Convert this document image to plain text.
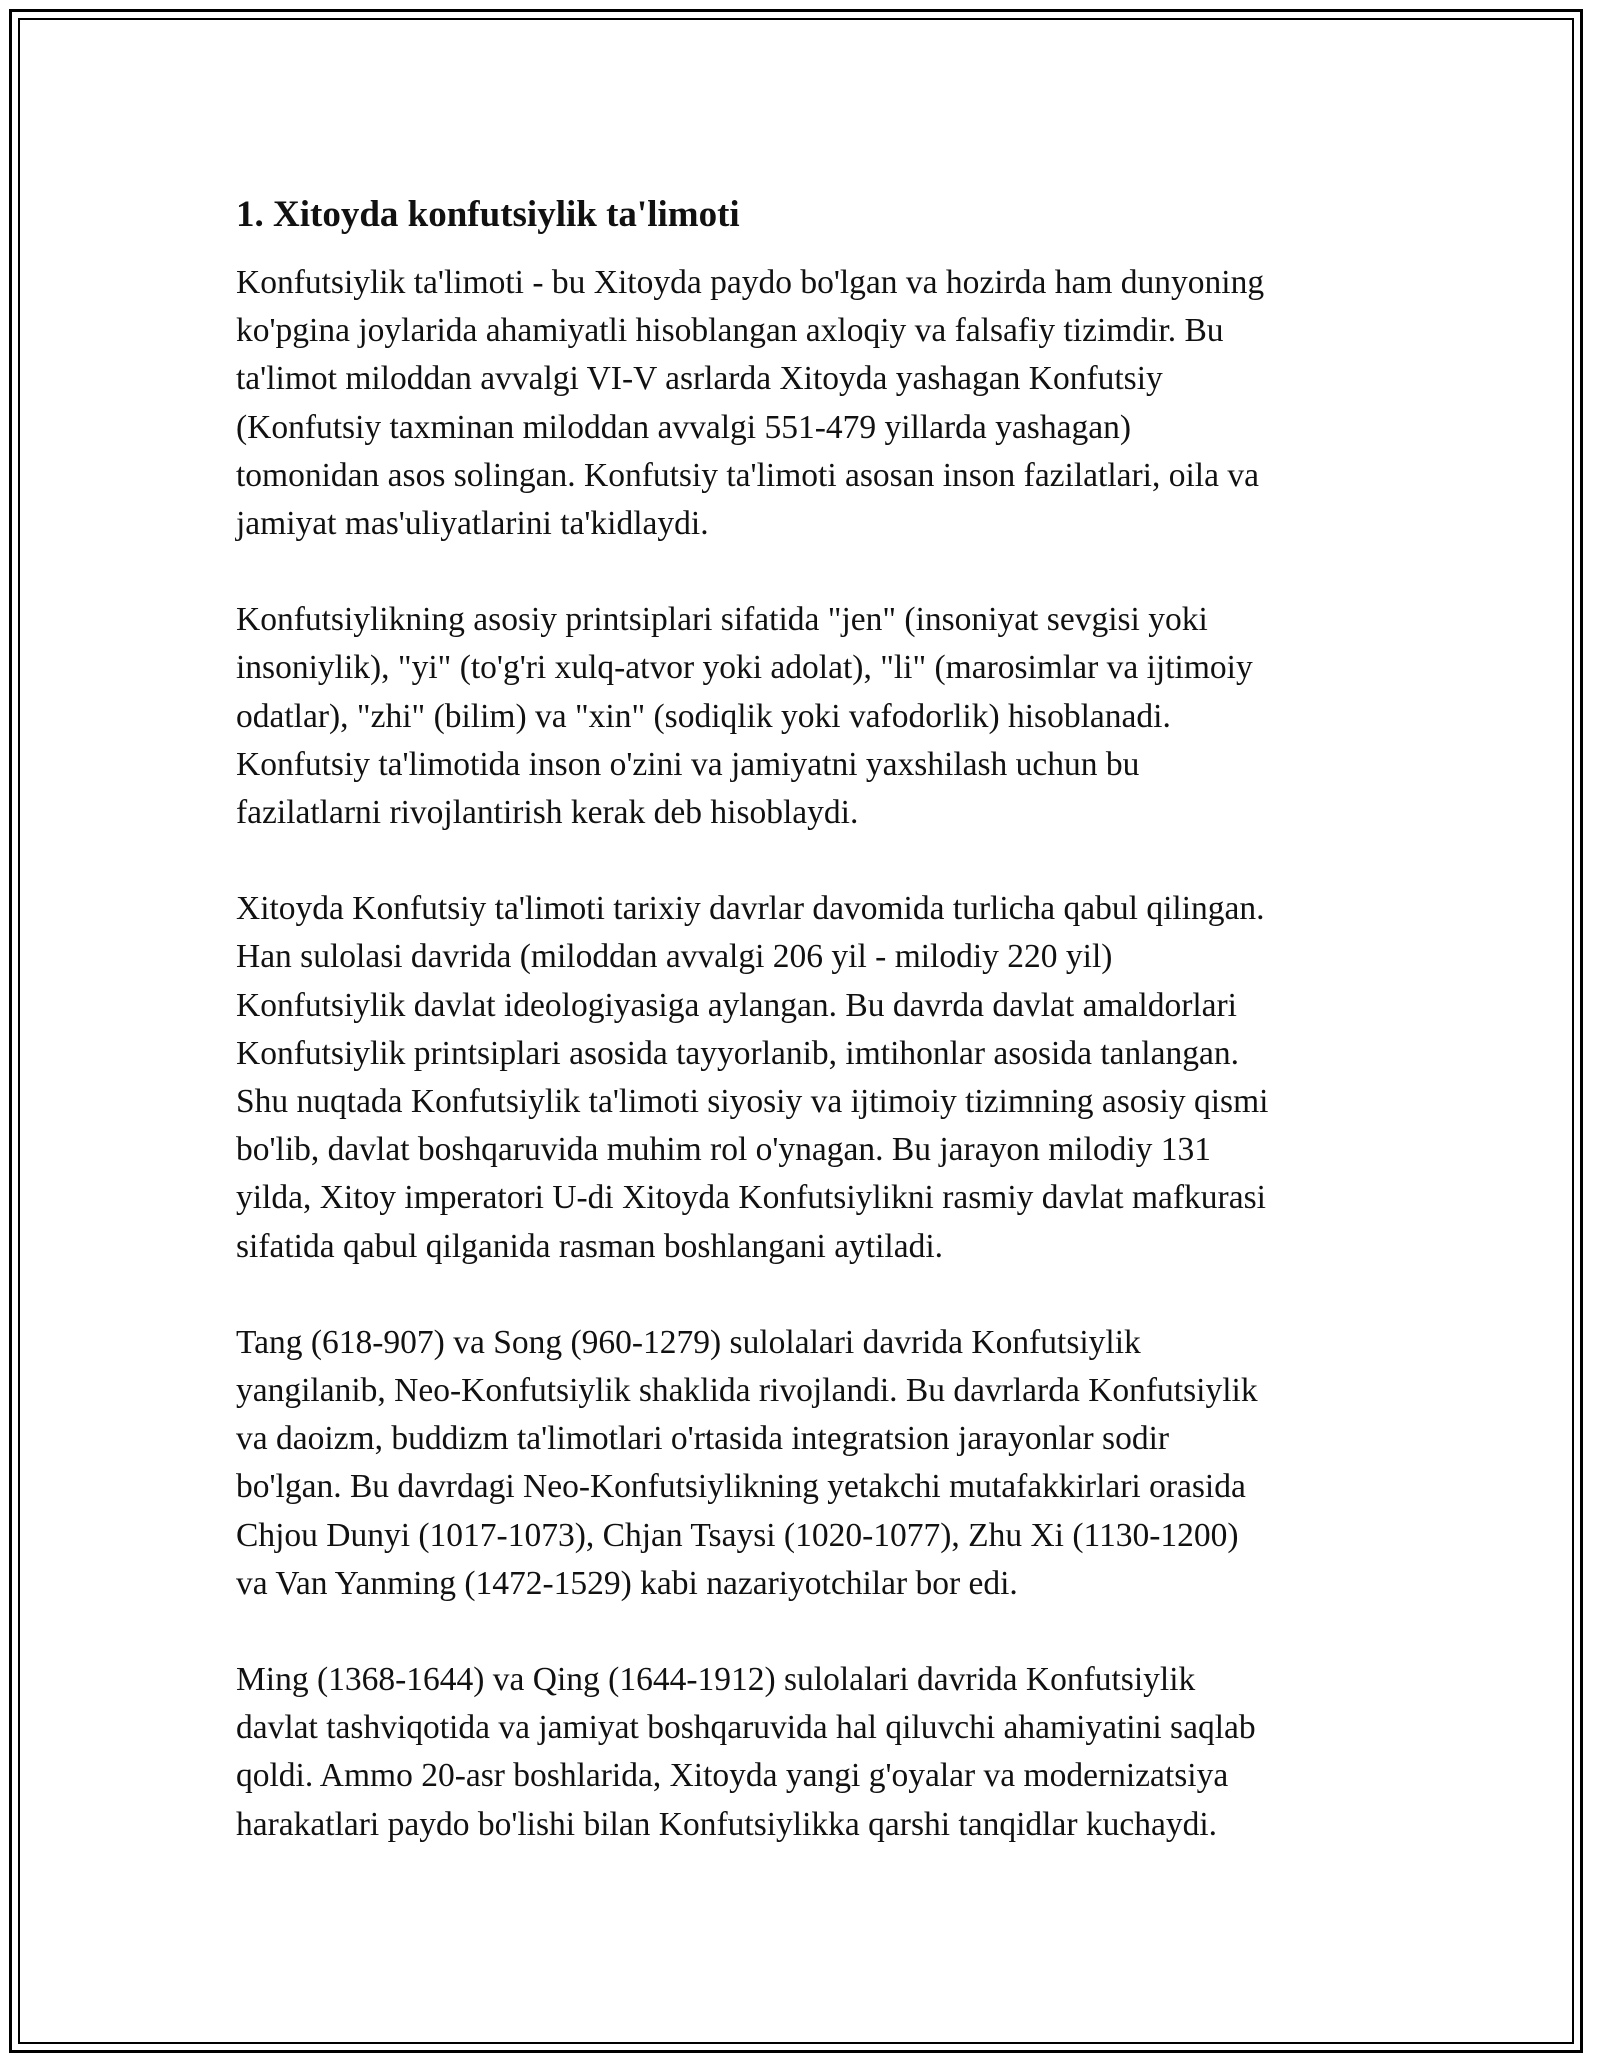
1. Xitoyda konfutsiylik ta'limoti

Konfutsiylik ta'limoti - bu Xitoyda paydo bo'lgan va hozirda ham dunyoning
ko'pgina joylarida ahamiyatli hisoblangan axloqiy va falsafiy tizimdir. Bu
ta'limot miloddan avvalgi VI-V asrlarda Xitoyda yashagan Konfutsiy
(Konfutsiy taxminan miloddan avvalgi 551-479 yillarda yashagan)
tomonidan asos solingan. Konfutsiy ta'limoti asosan inson fazilatlari, oila va
jamiyat mas'uliyatlarini ta'kidlaydi.

Konfutsiylikning asosiy printsiplari sifatida "jen" (insoniyat sevgisi yoki
insoniylik), "yi" (to'g'ri xulq-atvor yoki adolat), "li" (marosimlar va ijtimoiy
odatlar), "zhi" (bilim) va "xin" (sodiqlik yoki vafodorlik) hisoblanadi.
Konfutsiy ta'limotida inson o'zini va jamiyatni yaxshilash uchun bu
fazilatlarni rivojlantirish kerak deb hisoblaydi.

Xitoyda Konfutsiy ta'limoti tarixiy davrlar davomida turlicha qabul qilingan.
Han sulolasi davrida (miloddan avvalgi 206 yil - milodiy 220 yil)
Konfutsiylik davlat ideologiyasiga aylangan. Bu davrda davlat amaldorlari
Konfutsiylik printsiplari asosida tayyorlanib, imtihonlar asosida tanlangan.
Shu nuqtada Konfutsiylik ta'limoti siyosiy va ijtimoiy tizimning asosiy qismi
bo'lib, davlat boshqaruvida muhim rol o'ynagan. Bu jarayon milodiy 131
yilda, Xitoy imperatori U-di Xitoyda Konfutsiylikni rasmiy davlat mafkurasi
sifatida qabul qilganida rasman boshlangani aytiladi.

Tang (618-907) va Song (960-1279) sulolalari davrida Konfutsiylik
yangilanib, Neo-Konfutsiylik shaklida rivojlandi. Bu davrlarda Konfutsiylik
va daoizm, buddizm ta'limotlari o'rtasida integratsion jarayonlar sodir
bo'lgan. Bu davrdagi Neo-Konfutsiylikning yetakchi mutafakkirlari orasida
Chjou Dunyi (1017-1073), Chjan Tsaysi (1020-1077), Zhu Xi (1130-1200)
va Van Yanming (1472-1529) kabi nazariyotchilar bor edi.

Ming (1368-1644) va Qing (1644-1912) sulolalari davrida Konfutsiylik
davlat tashviqotida va jamiyat boshqaruvida hal qiluvchi ahamiyatini saqlab
qoldi. Ammo 20-asr boshlarida, Xitoyda yangi g'oyalar va modernizatsiya
harakatlari paydo bo'lishi bilan Konfutsiylikka qarshi tanqidlar kuchaydi.
